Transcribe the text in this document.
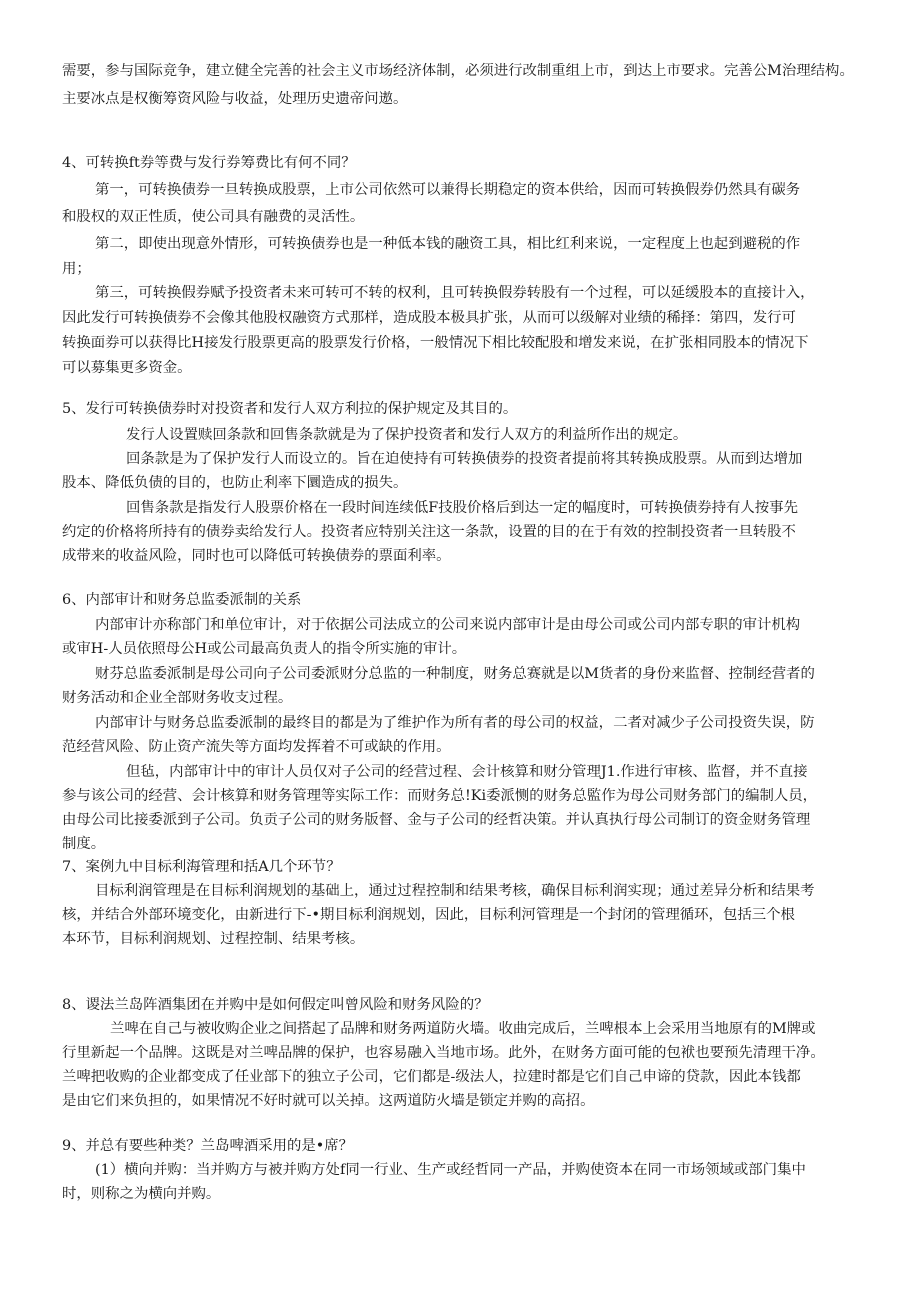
需要，参与国际竞争，建立健全完善的社会主义市场经济体制，必须进行改制重组上市，到达上市要求。完善公M治理结构。
主要冰点是权衡筹资风险与收益，处理历史遗帝问遨。
4、可转换ft券等费与发行券筹费比有何不同？
第一，可转换债券一旦转换成股票，上市公司依然可以兼得长期稳定的资本供给，因而可转换假券仍然具有碳务
和股权的双正性质，使公司具有融费的灵活性。
第二，即使出现意外情形，可转换债券也是一种低本钱的融资工具，相比红利来说，一定程度上也起到避税的作
用；
第三，可转换假券赋予投资者未来可转可不转的权利，且可转换假券转股有一个过程，可以延缓股本的直接计入，
因此发行可转换债券不会像其他股权融资方式那样，造成股本极具扩张，从而可以级解对业绩的稀择：第四，发行可
转换面券可以获得比H接发行股票更高的股票发行价格，一般情况下相比较配股和增发来说，在扩张相同股本的情况下
可以募集更多资金。
5、发行可转换债券时对投资者和发行人双方利拉的保护规定及其目的。
发行人设置赎回条款和回售条款就是为了保护投资者和发行人双方的利益所作出的规定。
回条款是为了保护发行人而设立的。旨在迫使持有可转换债券的投资者提前将其转换成股票。从而到达增加
股本、降低负债的目的，也防止利率下圜造成的损失。
回售条款是指发行人股票价格在一段时间连续低F技股价格后到达一定的幅度时，可转换债券持有人按事先
约定的价格将所持有的债券卖给发行人。投资者应特别关注这一条款，设置的目的在于有效的控制投资者一旦转股不
成带来的收益风险，同时也可以降低可转换债券的票面利率。
6、内部审计和财务总监委派制的关系
内部审计亦称部门和单位审计，对于依据公司法成立的公司来说内部审计是由母公司或公司内部专职的审计机构
或审H-人员依照母公H或公司最高负责人的指令所实施的审计。
财芬总监委派制是母公司向子公司委派财分总监的一种制度，财务总赛就是以M货者的身份来监督、控制经营者的
财务活动和企业全部财务收支过程。
内部审计与财务总监委派制的最终目的都是为了维护作为所有者的母公司的权益，二者对减少子公司投资失误，防
范经营风险、防止资产流失等方面均发挥着不可或缺的作用。
但毡，内部审计中的审计人员仅对子公司的经营过程、会计核算和财分管理J1.作进行审核、监督，并不直接
参与该公司的经营、会计核算和财务管理等实际工作：而财务总!Ki委派恻的财务总監作为母公司财务部门的编制人员，
由母公司比接委派到子公司。负贡子公司的财务版督、金与子公司的经哲决策。并认真执行母公司制订的资金财务管理
制度。
7、案例九中目标利海管理和括A几个环节？
目标利润管理是在目标利润规划的基础上，通过过程控制和结果考核，确保目标利润实现；通过差异分析和结果考
核，并结合外部环境变化，由新进行下-•期目标利润规划，因此，目标利河管理是一个封闭的管理循环，包括三个根
本环节，目标利润规划、过程控制、结果考核。
8、谡法兰岛阵酒集团在并购中是如何假定叫曾风险和财务风险的？
兰啤在自己与被收购企业之间搭起了品牌和财务两道防火墙。收曲完成后，兰啤根本上会采用当地原有的M牌或
行里新起一个品牌。这既是对兰啤品牌的保护，也容易融入当地市场。此外，在财务方面可能的包袱也要预先清理干净。
兰啤把收购的企业都变成了任业部下的独立子公司，它们都是-级法人，拉建时都是它们自己申谛的贷款，因此本钱都
是由它们来负担的，如果情况不好时就可以关掉。这两道防火墙是锁定并购的高招。
9、并总有要些种类？兰岛啤酒采用的是•席？
(1）横向并购：当并购方与被并购方处f同一行业、生产或经哲同一产品，并购使资本在同一市场领域或部门集中
时，则称之为横向并购。
